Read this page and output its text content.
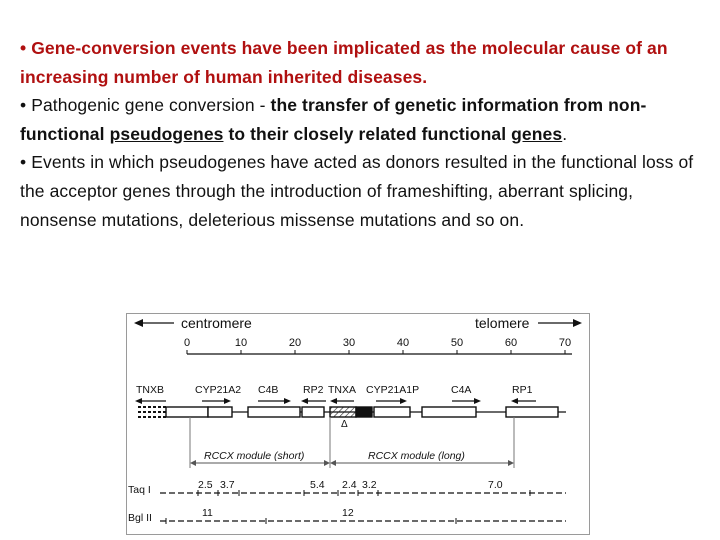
• Gene-conversion events have been implicated as the molecular cause of an increasing number of human inherited diseases.

• Pathogenic gene conversion - the transfer of genetic information from non-functional pseudogenes to their closely related functional genes.

• Events in which pseudogenes have acted as donors resulted in the functional loss of the acceptor genes through the introduction of frameshifting, aberrant splicing, nonsense mutations, deleterious missense mutations and so on.

centromere	telomere
0	10	20	30	40	50	60	70
TNXB	CYP21A2 C4B RP2 TNXA CYP21A1P	C4A	RP1
Δ
RCCX module (short)	RCCX module (long)
Taq I	2.5 3.7	5.4 2.4 3.2	7.0
Bgl II	11	12
